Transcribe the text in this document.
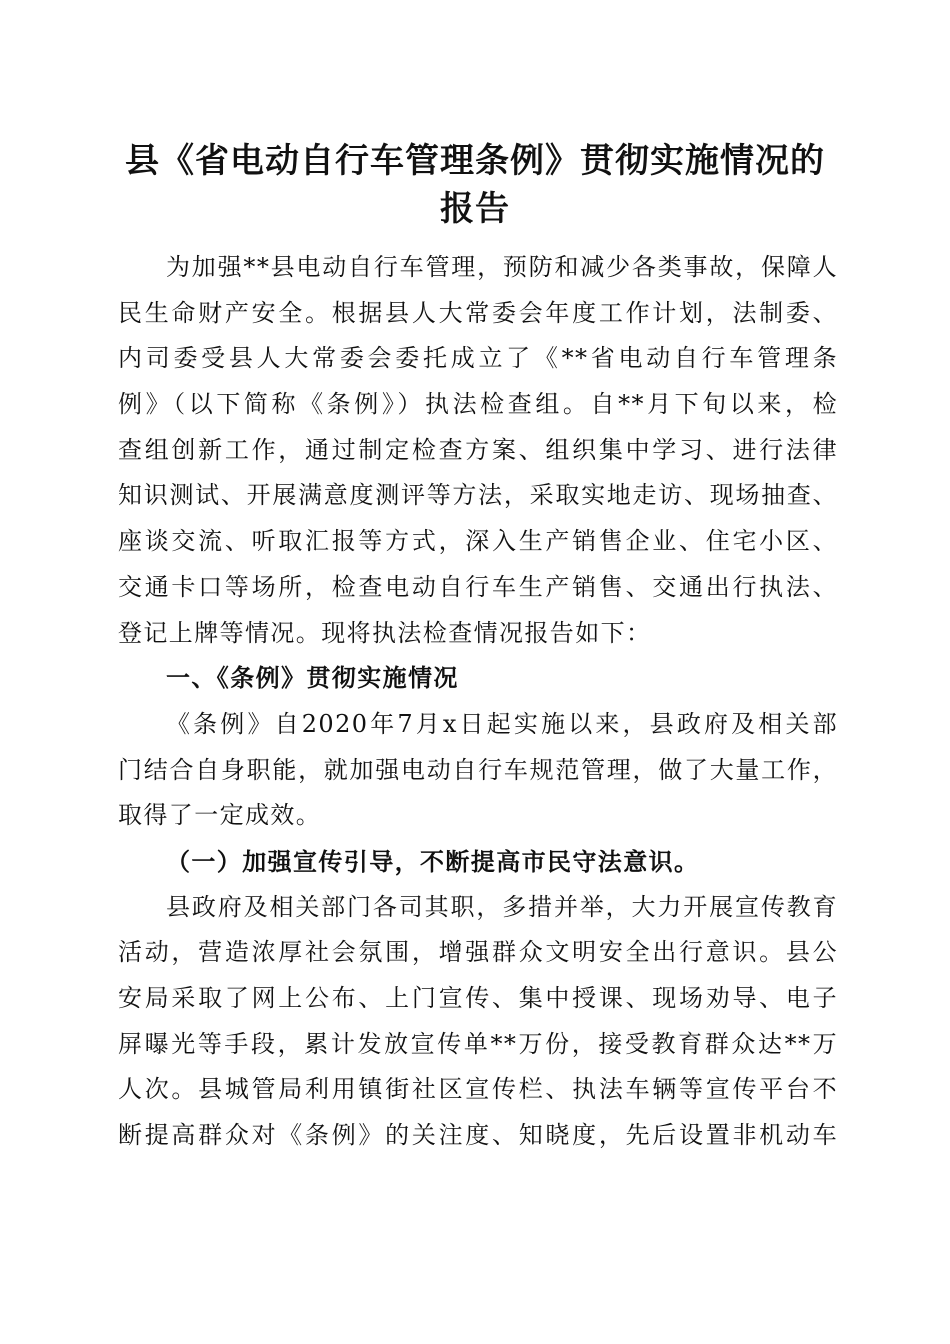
县《省电动自行车管理条例》贯彻实施情况的
报告
为加强**县电动自行车管理，预防和减少各类事故，保障人
民生命财产安全。根据县人大常委会年度工作计划，法制委、
内司委受县人大常委会委托成立了《**省电动自行车管理条
例》（以下简称《条例》）执法检查组。自**月下旬以来，检
查组创新工作，通过制定检查方案、组织集中学习、进行法律
知识测试、开展满意度测评等方法，采取实地走访、现场抽查、
座谈交流、听取汇报等方式，深入生产销售企业、住宅小区、
交通卡口等场所，检查电动自行车生产销售、交通出行执法、
登记上牌等情况。现将执法检查情况报告如下：
一、《条例》贯彻实施情况
《条例》自2020年7月x日起实施以来，县政府及相关部
门结合自身职能，就加强电动自行车规范管理，做了大量工作，
取得了一定成效。
（一）加强宣传引导，不断提高市民守法意识。
县政府及相关部门各司其职，多措并举，大力开展宣传教育
活动，营造浓厚社会氛围，增强群众文明安全出行意识。县公
安局采取了网上公布、上门宣传、集中授课、现场劝导、电子
屏曝光等手段，累计发放宣传单**万份，接受教育群众达**万
人次。县城管局利用镇街社区宣传栏、执法车辆等宣传平台不
断提高群众对《条例》的关注度、知晓度，先后设置非机动车
